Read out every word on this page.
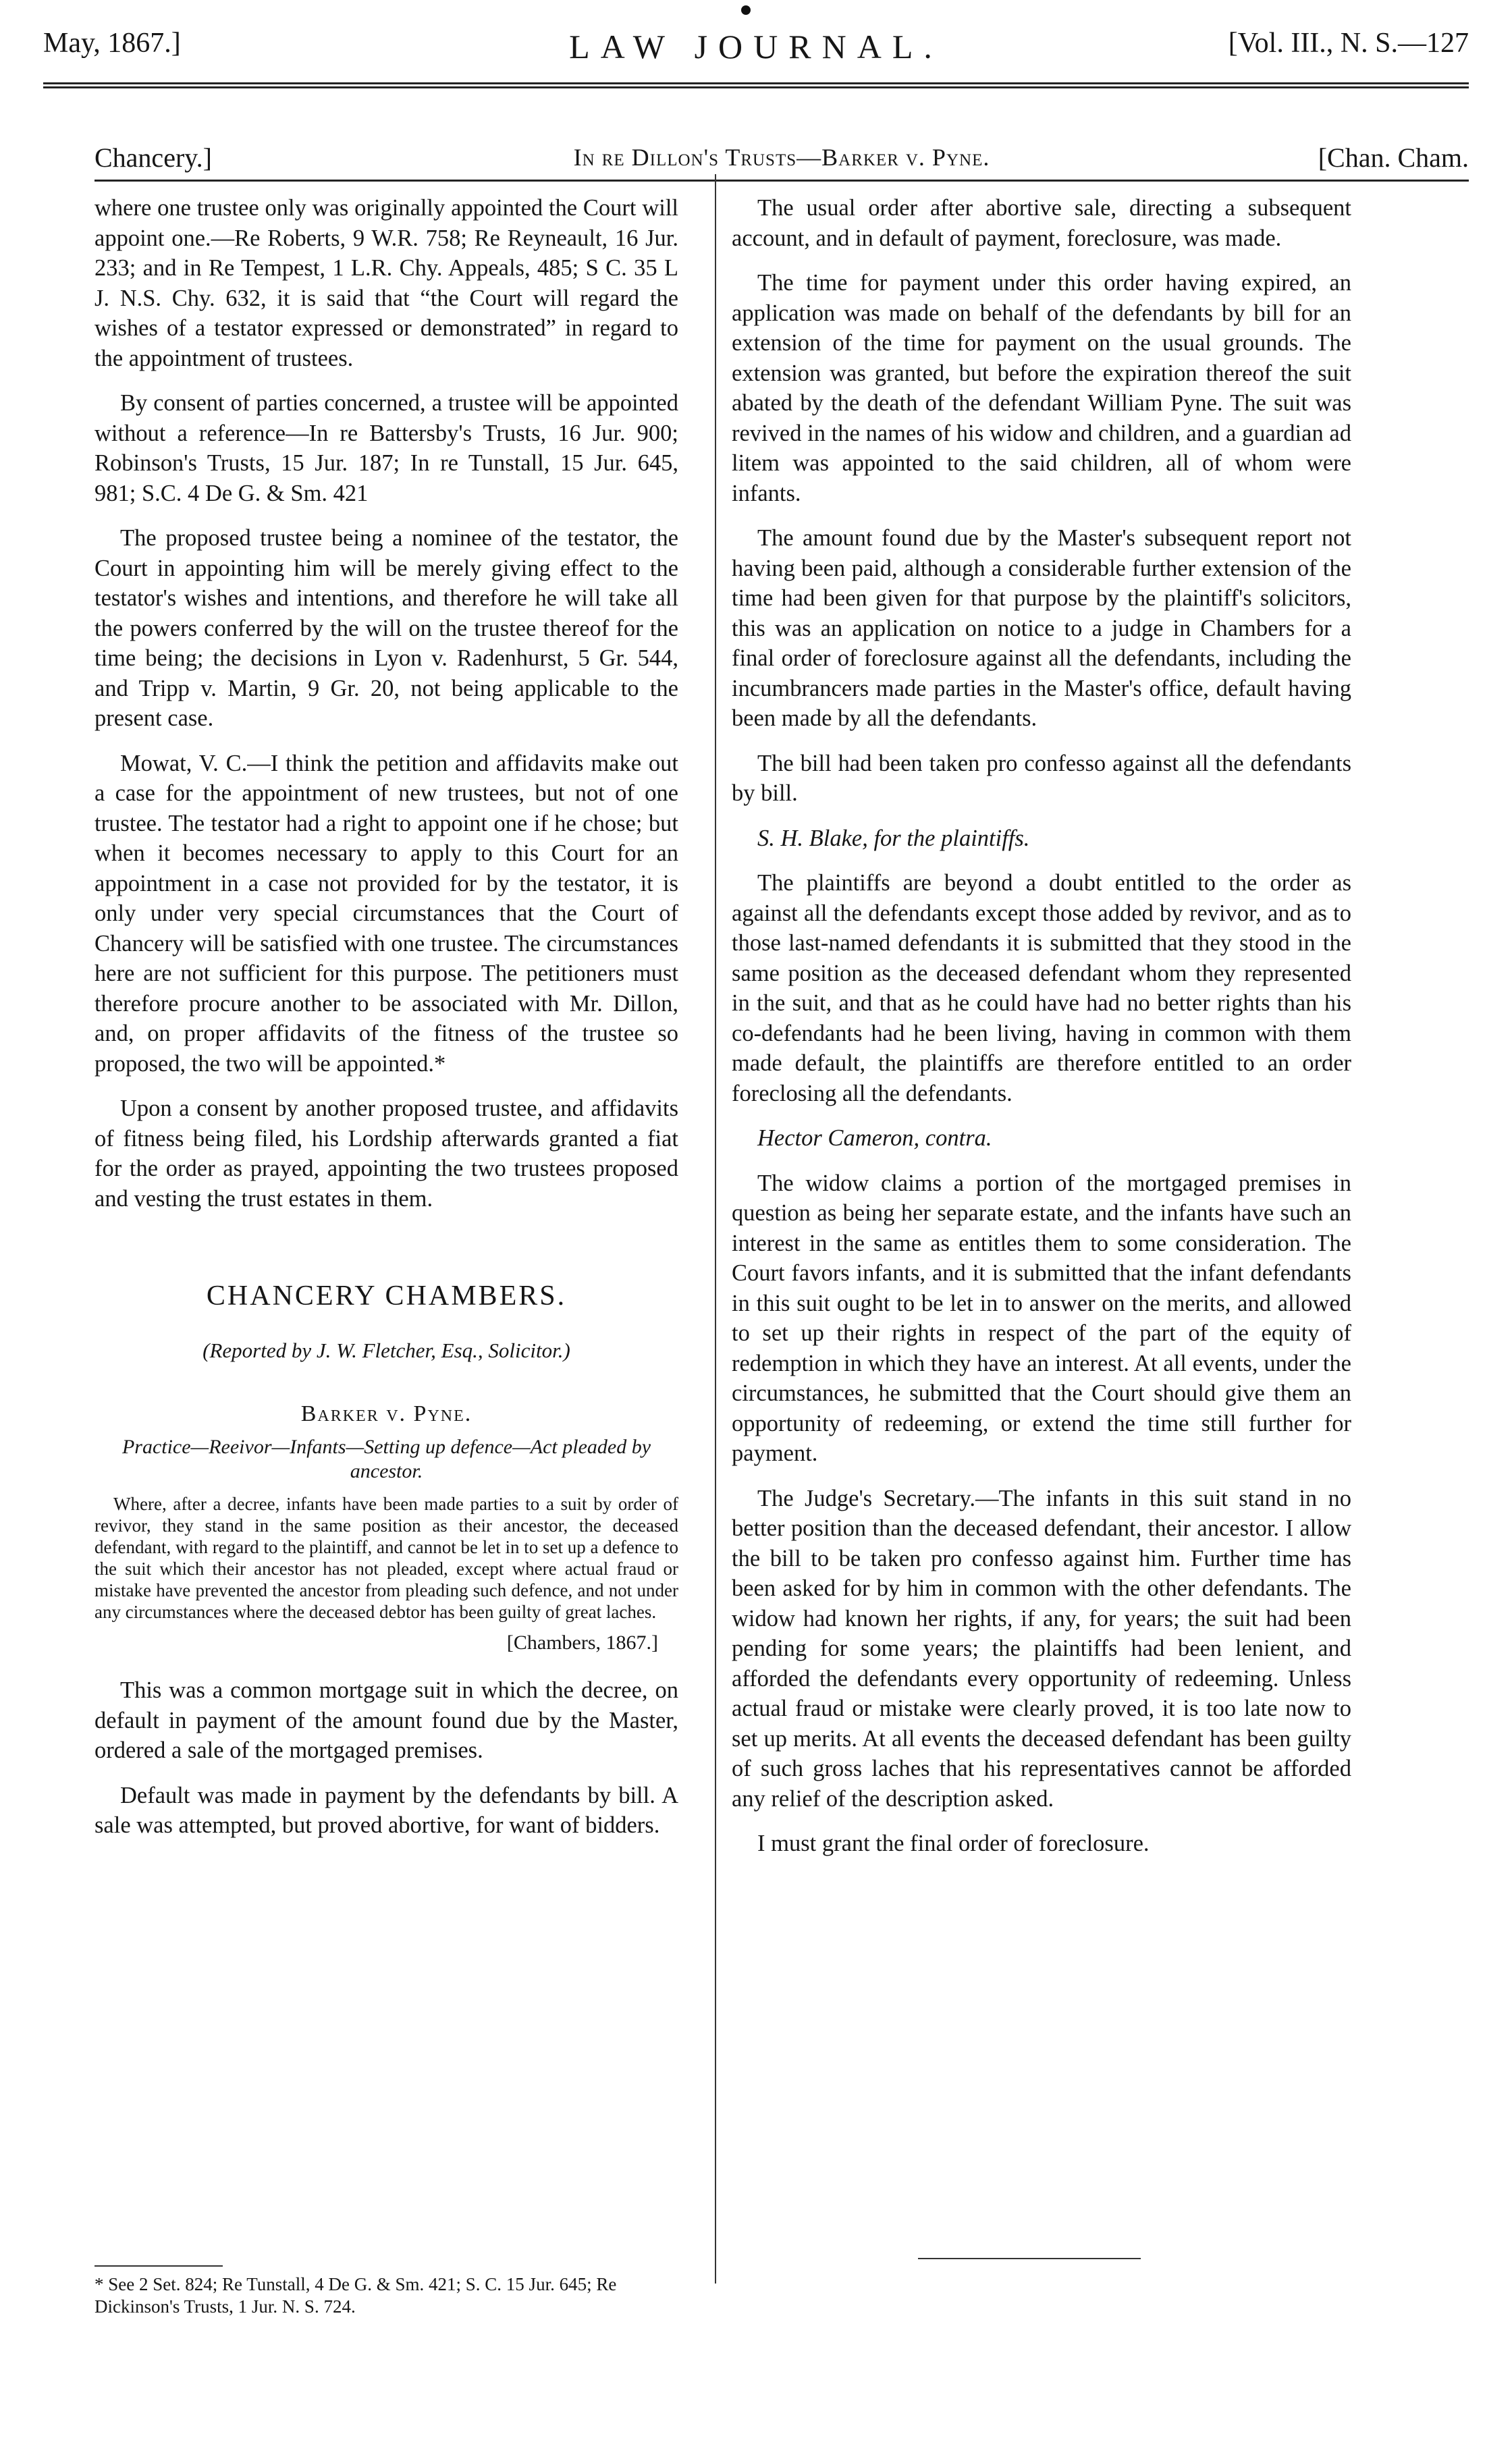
May, 1867.]	LAW JOURNAL.	[Vol. III., N. S.—127
Chancery.]	In re Dillon's Trusts—Barker v. Pyne.	[Chan. Cham.

where one trustee only was originally appointed the Court will appoint one.—Re Roberts, 9 W.R. 758; Re Reyneault, 16 Jur. 233; and in Re Tempest, 1 L.R. Chy. Appeals, 485; S C. 35 L J. N.S. Chy. 632, it is said that “the Court will regard the wishes of a testator expressed or demonstrated” in regard to the appointment of trustees.

By consent of parties concerned, a trustee will be appointed without a reference—In re Battersby's Trusts, 16 Jur. 900; Robinson's Trusts, 15 Jur. 187; In re Tunstall, 15 Jur. 645, 981; S.C. 4 De G. & Sm. 421

The proposed trustee being a nominee of the testator, the Court in appointing him will be merely giving effect to the testator's wishes and intentions, and therefore he will take all the powers conferred by the will on the trustee thereof for the time being; the decisions in Lyon v. Radenhurst, 5 Gr. 544, and Tripp v. Martin, 9 Gr. 20, not being applicable to the present case.

Mowat, V. C.—I think the petition and affidavits make out a case for the appointment of new trustees, but not of one trustee. The testator had a right to appoint one if he chose; but when it becomes necessary to apply to this Court for an appointment in a case not provided for by the testator, it is only under very special circumstances that the Court of Chancery will be satisfied with one trustee. The circumstances here are not sufficient for this purpose. The petitioners must therefore procure another to be associated with Mr. Dillon, and, on proper affidavits of the fitness of the trustee so proposed, the two will be appointed.*

Upon a consent by another proposed trustee, and affidavits of fitness being filed, his Lordship afterwards granted a fiat for the order as prayed, appointing the two trustees proposed and vesting the trust estates in them.

CHANCERY CHAMBERS.
(Reported by J. W. Fletcher, Esq., Solicitor.)
Barker v. Pyne.
Practice—Reeivor—Infants—Setting up defence—Act pleaded by ancestor.
Where, after a decree, infants have been made parties to a suit by order of revivor, they stand in the same position as their ancestor, the deceased defendant, with regard to the plaintiff, and cannot be let in to set up a defence to the suit which their ancestor has not pleaded, except where actual fraud or mistake have prevented the ancestor from pleading such defence, and not under any circumstances where the deceased debtor has been guilty of great laches.
[Chambers, 1867.]

This was a common mortgage suit in which the decree, on default in payment of the amount found due by the Master, ordered a sale of the mortgaged premises.

Default was made in payment by the defendants by bill. A sale was attempted, but proved abortive, for want of bidders.

* See 2 Set. 824; Re Tunstall, 4 De G. & Sm. 421; S. C. 15 Jur. 645; Re Dickinson's Trusts, 1 Jur. N. S. 724.

The usual order after abortive sale, directing a subsequent account, and in default of payment, foreclosure, was made.

The time for payment under this order having expired, an application was made on behalf of the defendants by bill for an extension of the time for payment on the usual grounds. The extension was granted, but before the expiration thereof the suit abated by the death of the defendant William Pyne. The suit was revived in the names of his widow and children, and a guardian ad litem was appointed to the said children, all of whom were infants.

The amount found due by the Master's subsequent report not having been paid, although a considerable further extension of the time had been given for that purpose by the plaintiff's solicitors, this was an application on notice to a judge in Chambers for a final order of foreclosure against all the defendants, including the incumbrancers made parties in the Master's office, default having been made by all the defendants.

The bill had been taken pro confesso against all the defendants by bill.

S. H. Blake, for the plaintiffs.

The plaintiffs are beyond a doubt entitled to the order as against all the defendants except those added by revivor, and as to those last-named defendants it is submitted that they stood in the same position as the deceased defendant whom they represented in the suit, and that as he could have had no better rights than his co-defendants had he been living, having in common with them made default, the plaintiffs are therefore entitled to an order foreclosing all the defendants.

Hector Cameron, contra.

The widow claims a portion of the mortgaged premises in question as being her separate estate, and the infants have such an interest in the same as entitles them to some consideration. The Court favors infants, and it is submitted that the infant defendants in this suit ought to be let in to answer on the merits, and allowed to set up their rights in respect of the part of the equity of redemption in which they have an interest. At all events, under the circumstances, he submitted that the Court should give them an opportunity of redeeming, or extend the time still further for payment.

The Judge's Secretary.—The infants in this suit stand in no better position than the deceased defendant, their ancestor. I allow the bill to be taken pro confesso against him. Further time has been asked for by him in common with the other defendants. The widow had known her rights, if any, for years; the suit had been pending for some years; the plaintiffs had been lenient, and afforded the defendants every opportunity of redeeming. Unless actual fraud or mistake were clearly proved, it is too late now to set up merits. At all events the deceased defendant has been guilty of such gross laches that his representatives cannot be afforded any relief of the description asked.

I must grant the final order of foreclosure.
